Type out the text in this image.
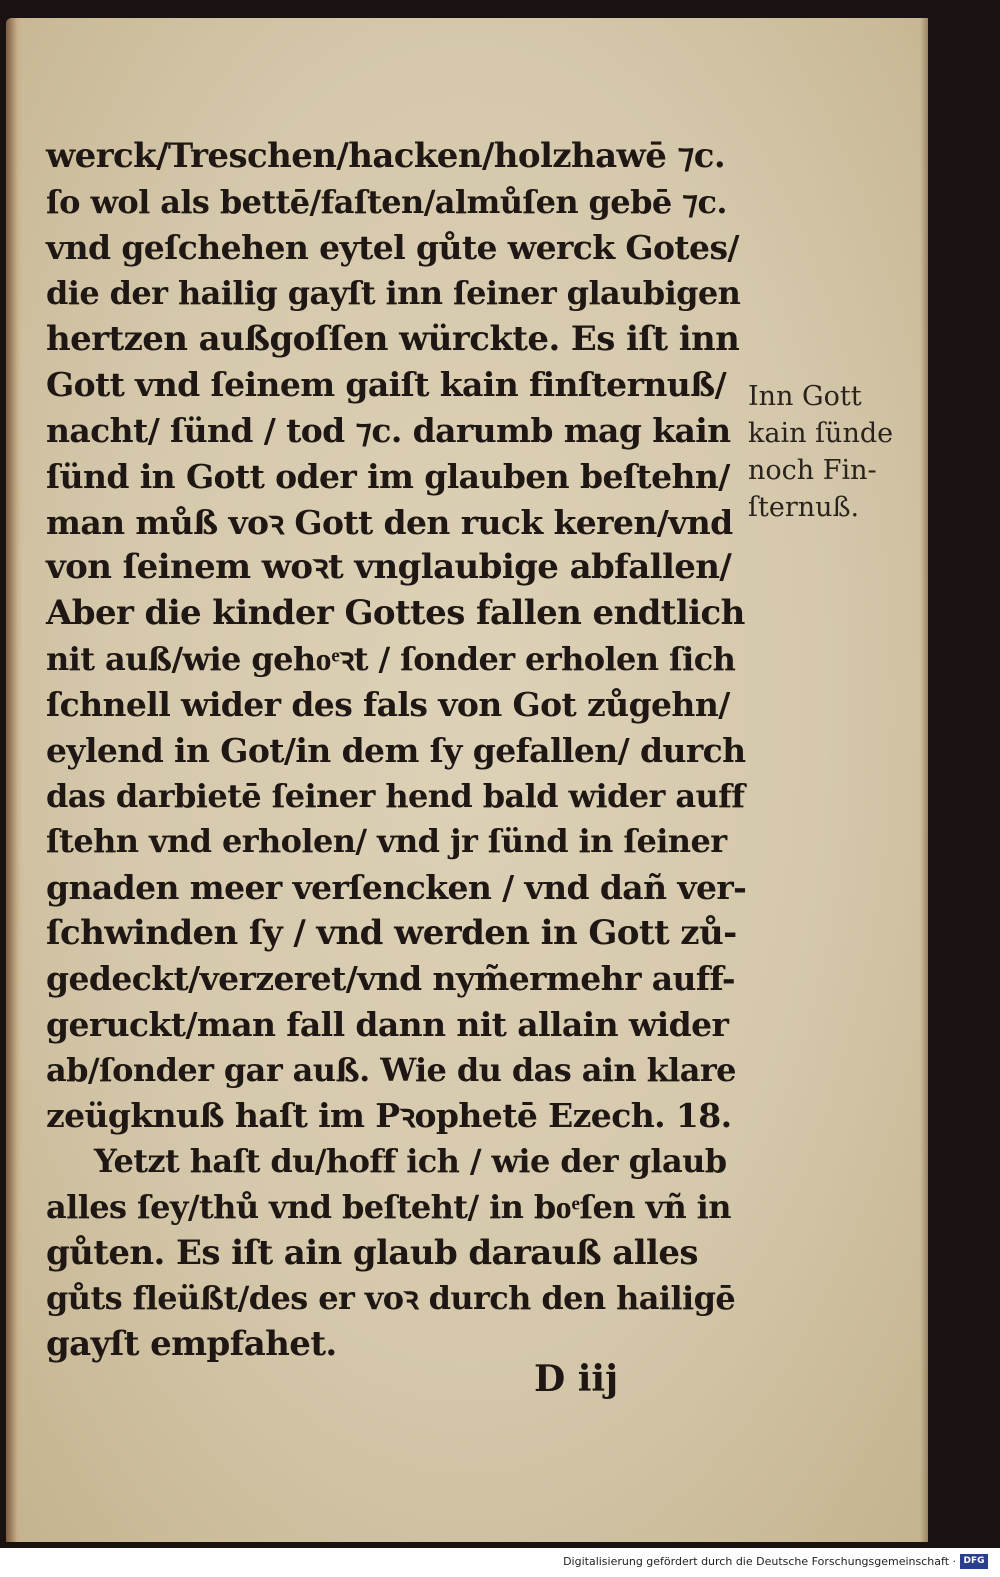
werck/Treschen/hacken/holzhawē ⁊c.
ſo wol als bettē/faſten/almůſen gebē ⁊c.
vnd geſchehen eytel gůte werck Gotes/
die der hailig gayſt inn ſeiner glaubigen
hertzen außgoſſen würckte. Es iſt inn
Gott vnd ſeinem gaiſt kain finſternuß/
nacht/ ſünd / tod ⁊c. darumb mag kain
ſünd in Gott oder im glauben beſtehn/
man můß voꝛ Gott den ruck keren/vnd
von ſeinem woꝛt vnglaubige abfallen/
Aber die kinder Gottes fallen endtlich
nit auß/wie gehoͤꝛt / ſonder erholen ſich
ſchnell wider des fals von Got zůgehn/
eylend in Got/in dem ſy gefallen/ durch
das darbietē ſeiner hend bald wider auff
ſtehn vnd erholen/ vnd jr ſünd in ſeiner
gnaden meer verſencken / vnd dañ ver-
ſchwinden ſy / vnd werden in Gott zů-
gedeckt/verzeret/vnd nym̃ermehr auff-
geruckt/man fall dann nit allain wider
ab/ſonder gar auß. Wie du das ain klare
zeügknuß haſt im Pꝛophetē Ezech. 18.
Yetzt haſt du/hoff ich / wie der glaub
alles ſey/thů vnd beſteht/ in boͤſen vñ in
gůten. Es iſt ain glaub darauß alles
gůts fleüßt/des er voꝛ durch den hailigē
gayſt empfahet.
Inn Gott
kain ſünde
noch Fin-
ſternuß.
D iij
Digitalisierung gefördert durch die Deutsche Forschungsgemeinschaft · DFG
